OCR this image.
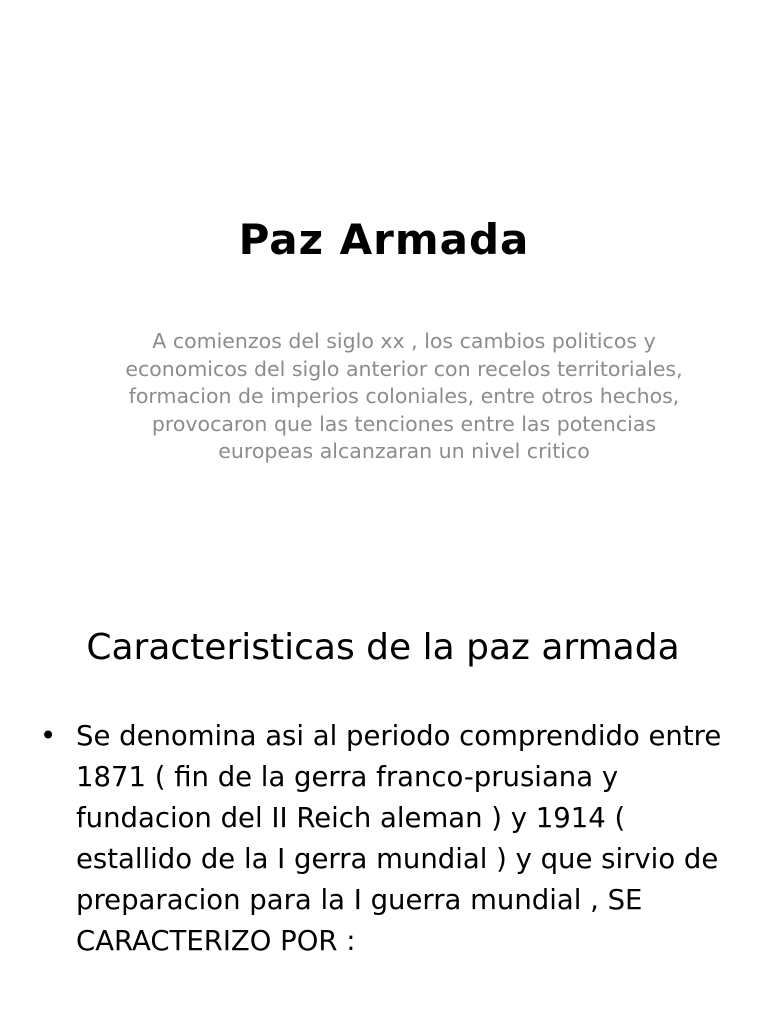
Paz Armada
A comienzos del siglo xx , los cambios politicos y economicos del siglo anterior con recelos territoriales, formacion de imperios coloniales, entre otros hechos, provocaron que las tenciones entre las potencias europeas alcanzaran un nivel critico
Caracteristicas de la paz armada
• Se denomina asi al periodo comprendido entre 1871 ( fin de la gerra franco-prusiana y fundacion del II Reich aleman ) y 1914 ( estallido de la I gerra mundial ) y que sirvio de preparacion para la I guerra mundial , SE CARACTERIZO POR :
